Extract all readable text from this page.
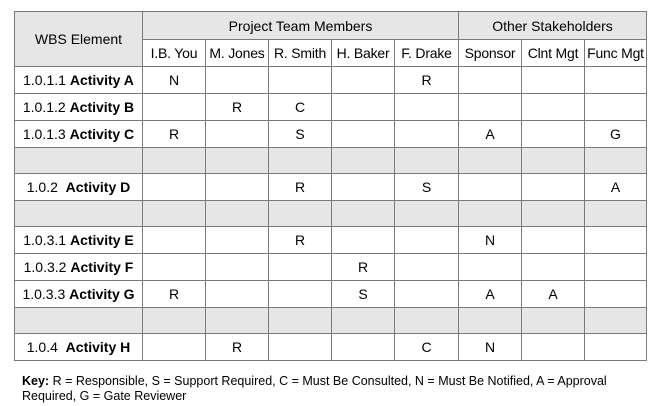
WBS Element	Project Team Members					Other Stakeholders		
	I.B. You	M. Jones	R. Smith	H. Baker	F. Drake	Sponsor	Clnt Mgt	Func Mgt
1.0.1.1 Activity A	N				R			
1.0.1.2 Activity B		R	C					
1.0.1.3 Activity C	R		S			A		G

1.0.2 Activity D			R		S			A

1.0.3.1 Activity E			R			N		
1.0.3.2 Activity F				R				
1.0.3.3 Activity G	R			S		A	A	

1.0.4 Activity H		R			C	N		
Key: R = Responsible, S = Support Required, C = Must Be Consulted, N = Must Be Notified, A = Approval Required, G = Gate Reviewer
